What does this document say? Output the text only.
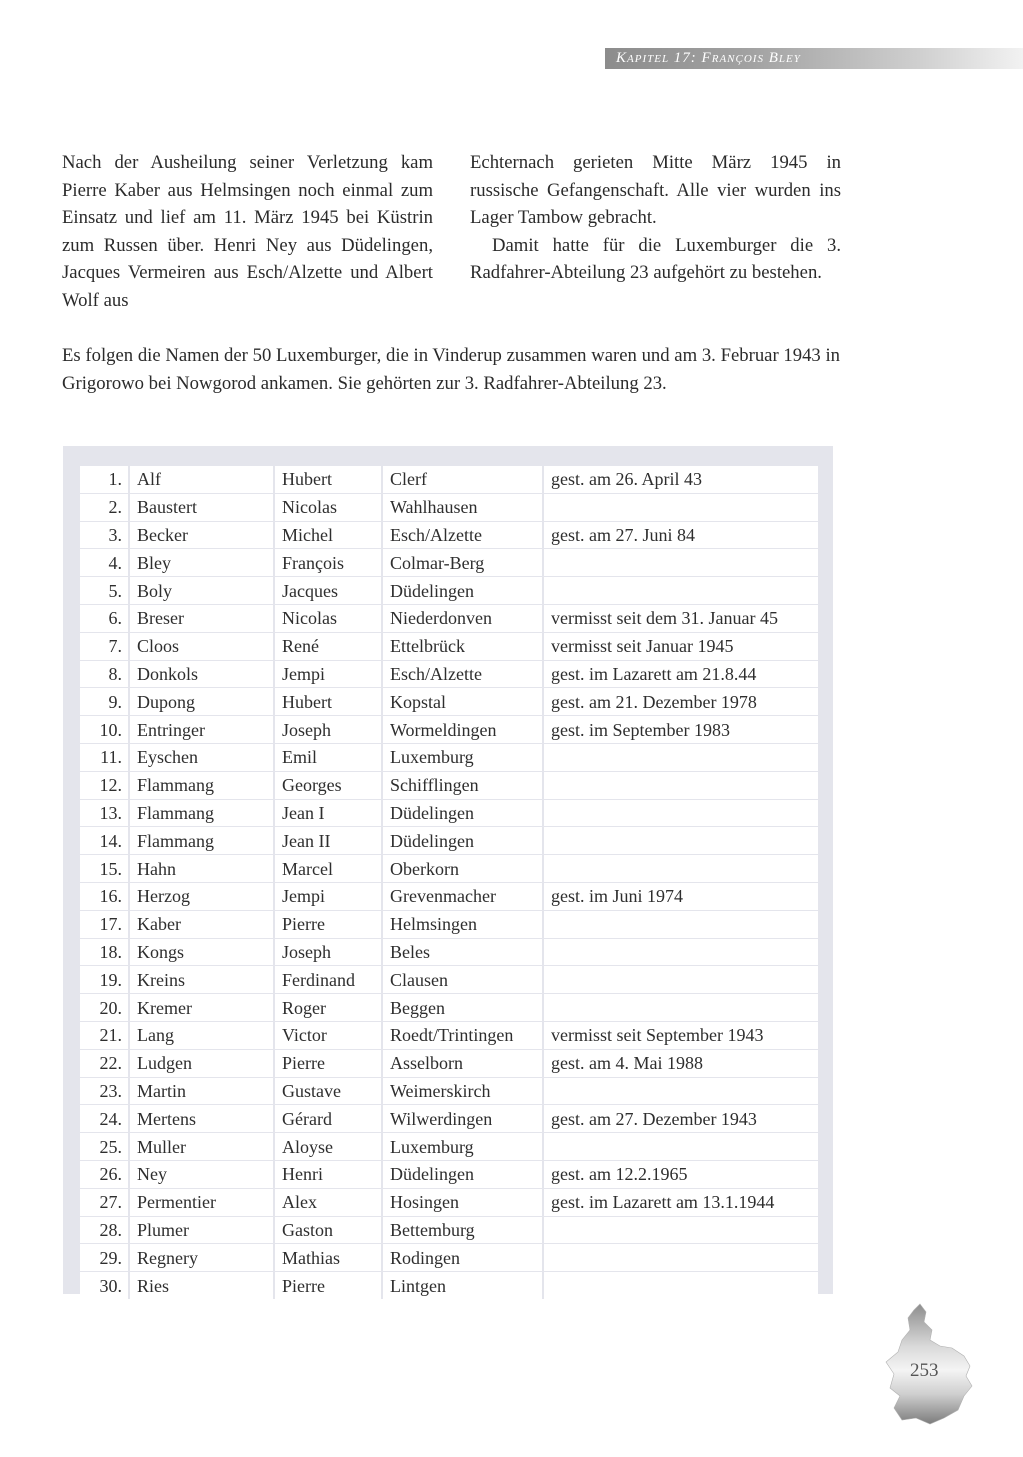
Kapitel 17: François Bley

Nach der Ausheilung seiner Verletzung kam Pierre Kaber aus Helmsingen noch einmal zum Einsatz und lief am 11. März 1945 bei Küstrin zum Russen über. Henri Ney aus Düdelingen, Jacques Vermeiren aus Esch/Alzette und Albert Wolf aus

Echternach gerieten Mitte März 1945 in russische Gefangenschaft. Alle vier wurden ins Lager Tambow gebracht.

Damit hatte für die Luxemburger die 3. Radfahrer-Abteilung 23 aufgehört zu bestehen.

Es folgen die Namen der 50 Luxemburger, die in Vinderup zusammen waren und am 3. Februar 1943 in Grigorowo bei Nowgorod ankamen. Sie gehörten zur 3. Radfahrer-Abteilung 23.

1.	Alf	Hubert	Clerf	gest. am 26. April 43
2.	Baustert	Nicolas	Wahlhausen	
3.	Becker	Michel	Esch/Alzette	gest. am 27. Juni 84
4.	Bley	François	Colmar-Berg	
5.	Boly	Jacques	Düdelingen	
6.	Breser	Nicolas	Niederdonven	vermisst seit dem 31. Januar 45
7.	Cloos	René	Ettelbrück	vermisst seit Januar 1945
8.	Donkols	Jempi	Esch/Alzette	gest. im Lazarett am 21.8.44
9.	Dupong	Hubert	Kopstal	gest. am 21. Dezember 1978
10.	Entringer	Joseph	Wormeldingen	gest. im September 1983
11.	Eyschen	Emil	Luxemburg	
12.	Flammang	Georges	Schifflingen	
13.	Flammang	Jean I	Düdelingen	
14.	Flammang	Jean II	Düdelingen	
15.	Hahn	Marcel	Oberkorn	
16.	Herzog	Jempi	Grevenmacher	gest. im Juni 1974
17.	Kaber	Pierre	Helmsingen	
18.	Kongs	Joseph	Beles	
19.	Kreins	Ferdinand	Clausen	
20.	Kremer	Roger	Beggen	
21.	Lang	Victor	Roedt/Trintingen	vermisst seit September 1943
22.	Ludgen	Pierre	Asselborn	gest. am 4. Mai 1988
23.	Martin	Gustave	Weimerskirch	
24.	Mertens	Gérard	Wilwerdingen	gest. am 27. Dezember 1943
25.	Muller	Aloyse	Luxemburg	
26.	Ney	Henri	Düdelingen	gest. am 12.2.1965
27.	Permentier	Alex	Hosingen	gest. im Lazarett am 13.1.1944
28.	Plumer	Gaston	Bettemburg	
29.	Regnery	Mathias	Rodingen	
30.	Ries	Pierre	Lintgen	
253
